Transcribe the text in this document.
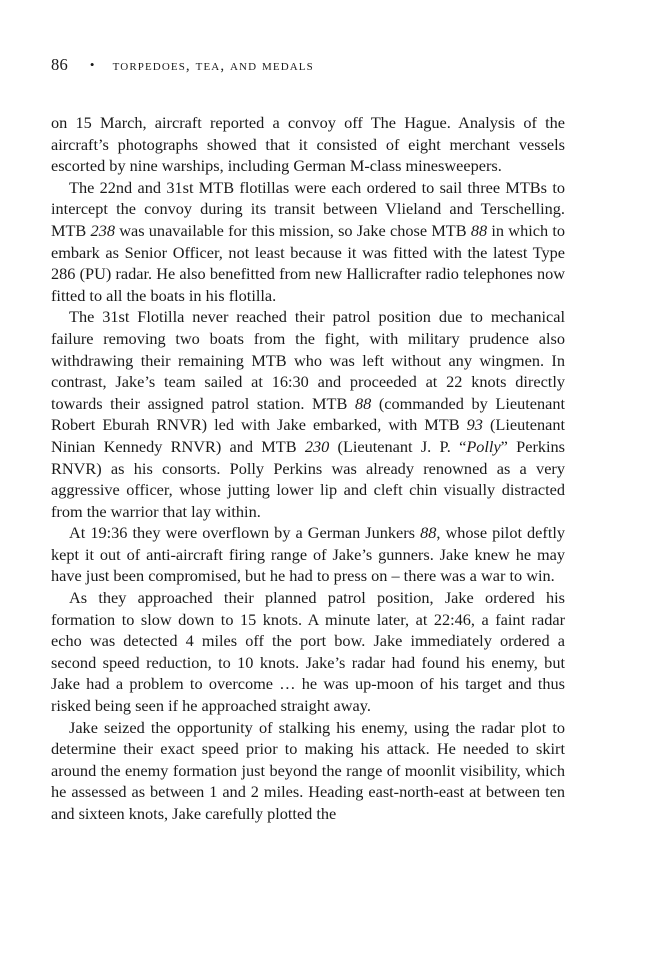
86 • torpedoes, tea, and medals

on 15 March, aircraft reported a convoy off The Hague. Analysis of the aircraft’s photographs showed that it consisted of eight merchant vessels escorted by nine warships, including German M-class minesweepers.

The 22nd and 31st MTB flotillas were each ordered to sail three MTBs to intercept the convoy during its transit between Vlieland and Terschelling. MTB 238 was unavailable for this mission, so Jake chose MTB 88 in which to embark as Senior Officer, not least because it was fitted with the latest Type 286 (PU) radar. He also benefitted from new Hallicrafter radio telephones now fitted to all the boats in his flotilla.

The 31st Flotilla never reached their patrol position due to mechanical failure removing two boats from the fight, with military prudence also withdrawing their remaining MTB who was left without any wingmen. In contrast, Jake’s team sailed at 16:30 and proceeded at 22 knots directly towards their assigned patrol station. MTB 88 (commanded by Lieutenant Robert Eburah RNVR) led with Jake embarked, with MTB 93 (Lieutenant Ninian Kennedy RNVR) and MTB 230 (Lieutenant J. P. “Polly” Perkins RNVR) as his consorts. Polly Perkins was already renowned as a very aggressive officer, whose jutting lower lip and cleft chin visually distracted from the warrior that lay within.

At 19:36 they were overflown by a German Junkers 88, whose pilot deftly kept it out of anti-aircraft firing range of Jake’s gunners. Jake knew he may have just been compromised, but he had to press on – there was a war to win.

As they approached their planned patrol position, Jake ordered his formation to slow down to 15 knots. A minute later, at 22:46, a faint radar echo was detected 4 miles off the port bow. Jake immediately ordered a second speed reduction, to 10 knots. Jake’s radar had found his enemy, but Jake had a problem to overcome … he was up-moon of his target and thus risked being seen if he approached straight away.

Jake seized the opportunity of stalking his enemy, using the radar plot to determine their exact speed prior to making his attack. He needed to skirt around the enemy formation just beyond the range of moonlit visibility, which he assessed as between 1 and 2 miles. Heading east-north-east at between ten and sixteen knots, Jake carefully plotted the
